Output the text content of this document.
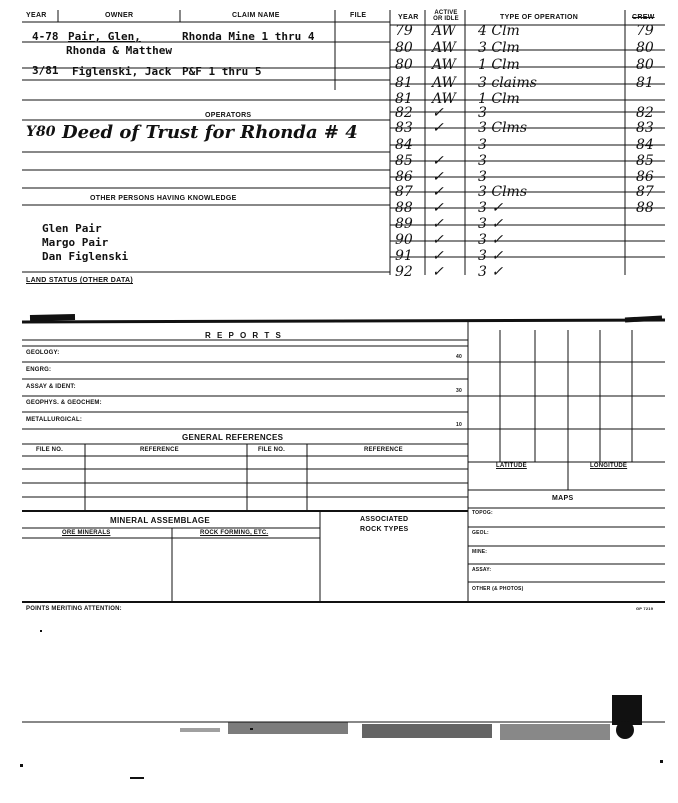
YEAR	OWNER	CLAIM NAME	FILE	YEAR
ACTIVE OR IDLE	TYPE OF OPERATION	CREW
4-78 Pair, Glen,	Rhonda Mine 1 thru 4
Rhonda & Matthew
3/81 Figlenski, Jack P&F 1 thru 5
OPERATORS
Y80 Deed of Trust for Rhonda # 4
OTHER PERSONS HAVING KNOWLEDGE
Glen Pair
Margo Pair
Dan Figlenski
LAND STATUS (OTHER DATA)
79 AW 4 Clm	79
80 AW 3 Clm	80
80 AW 1 Clm	80
81 AW 3 claims	81
81 AW 1 Clm
82 ✓ 3	82
83 ✓ 3 Clms	83
84	3	84
85 ✓ 3	85
86 ✓ 3	86
87 ✓ 3 Clms	87
88 ✓ 3 ✓	88
89 ✓ 3 ✓
90 ✓ 3 ✓
91 ✓ 3 ✓
92 ✓ 3 ✓
R E P O R T S
GEOLOGY:
40
ENGRG:
ASSAY & IDENT:
30
GEOPHYS. & GEOCHEM:
METALLURGICAL:
10
GENERAL REFERENCES
FILE NO.	REFERENCE	FILE NO.	REFERENCE
LATITUDE	LONGITUDE
MAPS
TOPOG:
GEOL:
MINE:
ASSAY:
OTHER (& PHOTOS)
MINERAL ASSEMBLAGE
ORE MINERALS	ROCK FORMING, ETC.
ASSOCIATED
ROCK TYPES
POINTS MERITING ATTENTION:	GP 7219
